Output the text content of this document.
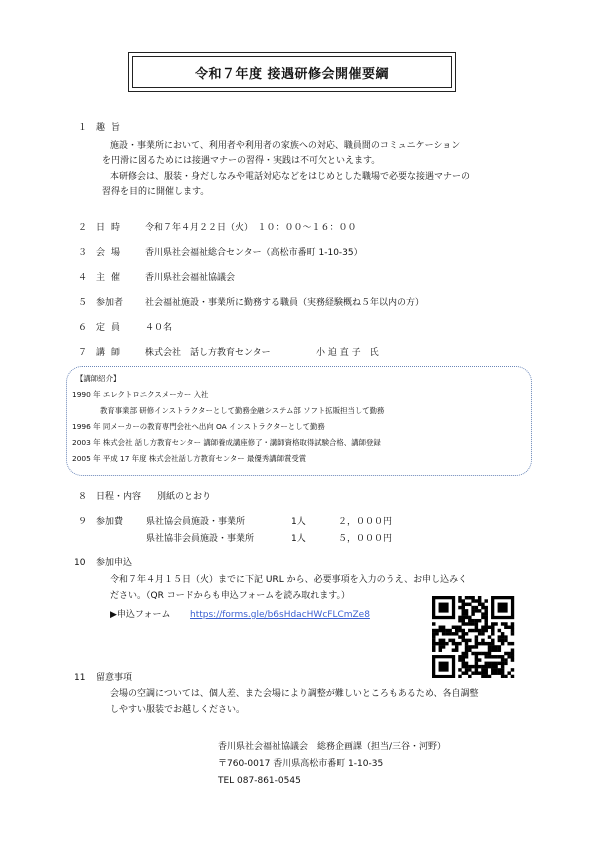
令和７年度 接遇研修会開催要綱
１ 趣旨
施設・事業所において、利用者や利用者の家族への対応、職員間のコミュニケーション
を円滑に図るためには接遇マナーの習得・実践は不可欠といえます。
本研修会は、服装・身だしなみや電話対応などをはじめとした職場で必要な接遇マナーの
習得を目的に開催します。
２ 日時 令和７年４月２２日（火）　１０：００～１６：００
３ 会場 香川県社会福祉総合センター（高松市番町 1-10-35）
４ 主催 香川県社会福祉協議会
５ 参加者 社会福祉施設・事業所に勤務する職員（実務経験概ね５年以内の方）
６ 定員 ４０名
７ 講師 株式会社　話し方教育センター	小 迫 直 子　氏
【講師紹介】
1990 年 エレクトロニクスメーカー 入社
教育事業部 研修インストラクターとして勤務金融システム部 ソフト拡販担当して勤務
1996 年 同メーカーの教育専門会社へ出向 OA インストラクターとして勤務
2003 年 株式会社 話し方教育センター 講師養成講座修了・講師資格取得試験合格、講師登録
2005 年 平成 17 年度 株式会社話し方教育センター 最優秀講師賞受賞
８ 日程・内容 別紙のとおり
９ 参加費	県社協会員施設・事業所	1人	２，０００円
県社協非会員施設・事業所	1人	５，０００円
10 参加申込
令和７年４月１５日（火）までに下記 URL から、必要事項を入力のうえ、お申し込みく
ださい。（QR コードからも申込フォームを読み取れます。）
▶申込フォーム https://forms.gle/b6sHdacHWcFLCmZe8
11 留意事項
会場の空調については、個人差、また会場により調整が難しいところもあるため、各自調整
しやすい服装でお越しください。
香川県社会福祉協議会　総務企画課（担当/三谷・河野）
〒760-0017 香川県高松市番町 1-10-35
TEL 087-861-0545
